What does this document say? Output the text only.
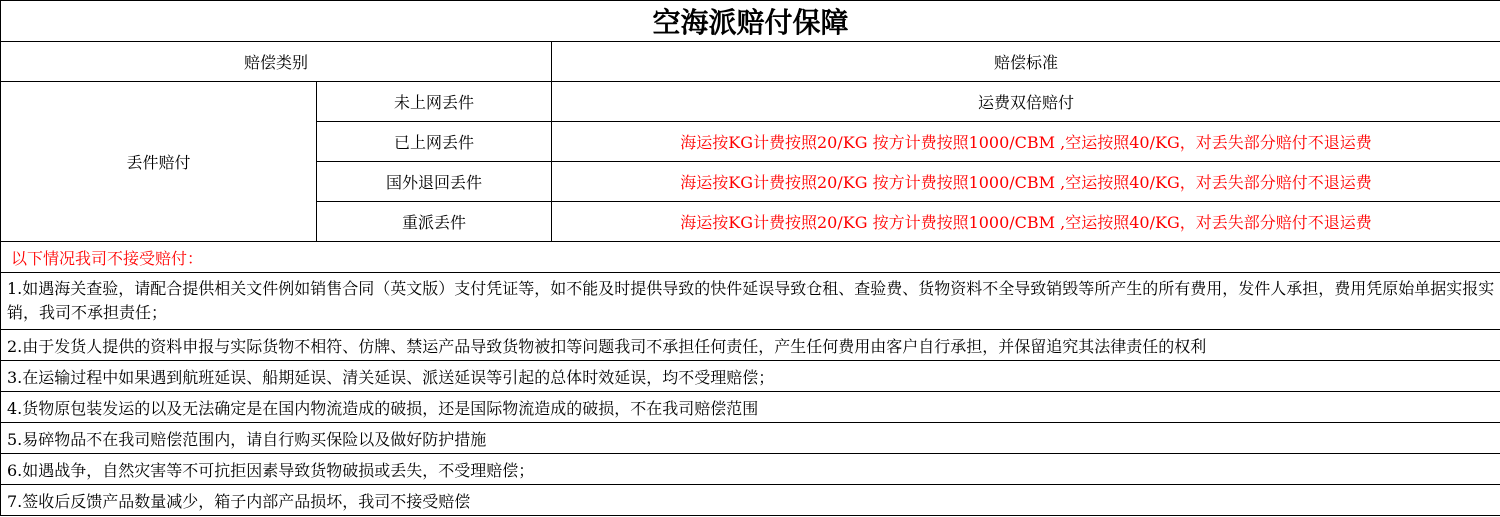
空海派赔付保障		
赔偿类别		赔偿标准
丢件赔付	未上网丢件	运费双倍赔付
	已上网丢件	海运按KG计费按照20/KG 按方计费按照1000/CBM ,空运按照40/KG，对丢失部分赔付不退运费
	国外退回丢件	海运按KG计费按照20/KG 按方计费按照1000/CBM ,空运按照40/KG，对丢失部分赔付不退运费
	重派丢件	海运按KG计费按照20/KG 按方计费按照1000/CBM ,空运按照40/KG，对丢失部分赔付不退运费
以下情况我司不接受赔付：		
1.如遇海关查验，请配合提供相关文件例如销售合同（英文版）支付凭证等，如不能及时提供导致的快件延误导致仓租、查验费、货物资料不全导致销毁等所产生的所有费用，发件人承担，费用凭原始单据实报实销，我司不承担责任；		
2.由于发货人提供的资料申报与实际货物不相符、仿牌、禁运产品导致货物被扣等问题我司不承担任何责任，产生任何费用由客户自行承担，并保留追究其法律责任的权利		
3.在运输过程中如果遇到航班延误、船期延误、清关延误、派送延误等引起的总体时效延误，均不受理赔偿；		
4.货物原包装发运的以及无法确定是在国内物流造成的破损，还是国际物流造成的破损，不在我司赔偿范围		
5.易碎物品不在我司赔偿范围内，请自行购买保险以及做好防护措施		
6.如遇战争，自然灾害等不可抗拒因素导致货物破损或丢失，不受理赔偿；		
7.签收后反馈产品数量减少，箱子内部产品损坏，我司不接受赔偿		
